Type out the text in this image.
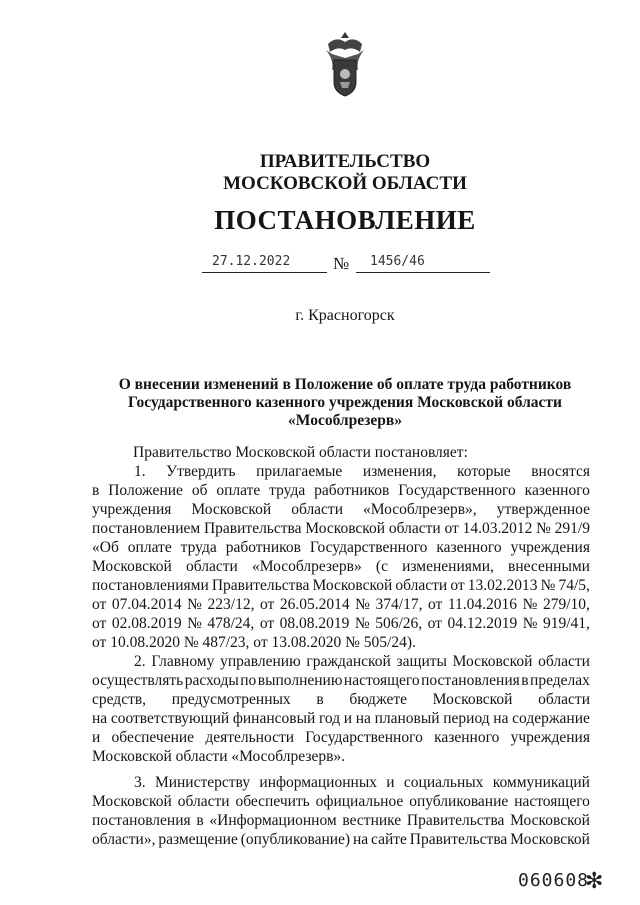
ПРАВИТЕЛЬСТВО
МОСКОВСКОЙ ОБЛАСТИ
ПОСТАНОВЛЕНИЕ
27.12.2022	№ 1456/46
г. Красногорск
О внесении изменений в Положение об оплате труда работников
Государственного казенного учреждения Московской области
«Мособлрезерв»
Правительство Московской области постановляет:
1. Утвердить прилагаемые изменения, которые вносятся
в Положение об оплате труда работников Государственного казенного
учреждения Московской области «Мособлрезерв», утвержденное
постановлением Правительства Московской области от 14.03.2012 № 291/9
«Об оплате труда работников Государственного казенного учреждения
Московской области «Мособлрезерв» (с изменениями, внесенными
постановлениями Правительства Московской области от 13.02.2013 № 74/5,
от 07.04.2014 № 223/12, от 26.05.2014 № 374/17, от 11.04.2016 № 279/10,
от 02.08.2019 № 478/24, от 08.08.2019 № 506/26, от 04.12.2019 № 919/41,
от 10.08.2020 № 487/23, от 13.08.2020 № 505/24).
2. Главному управлению гражданской защиты Московской области
осуществлять расходы по выполнению настоящего постановления в пределах
средств, предусмотренных в бюджете Московской области
на соответствующий финансовый год и на плановый период на содержание
и обеспечение деятельности Государственного казенного учреждения
Московской области «Мособлрезерв».
3. Министерству информационных и социальных коммуникаций
Московской области обеспечить официальное опубликование настоящего
постановления в «Информационном вестнике Правительства Московской
области», размещение (опубликование) на сайте Правительства Московской
060608
✻
